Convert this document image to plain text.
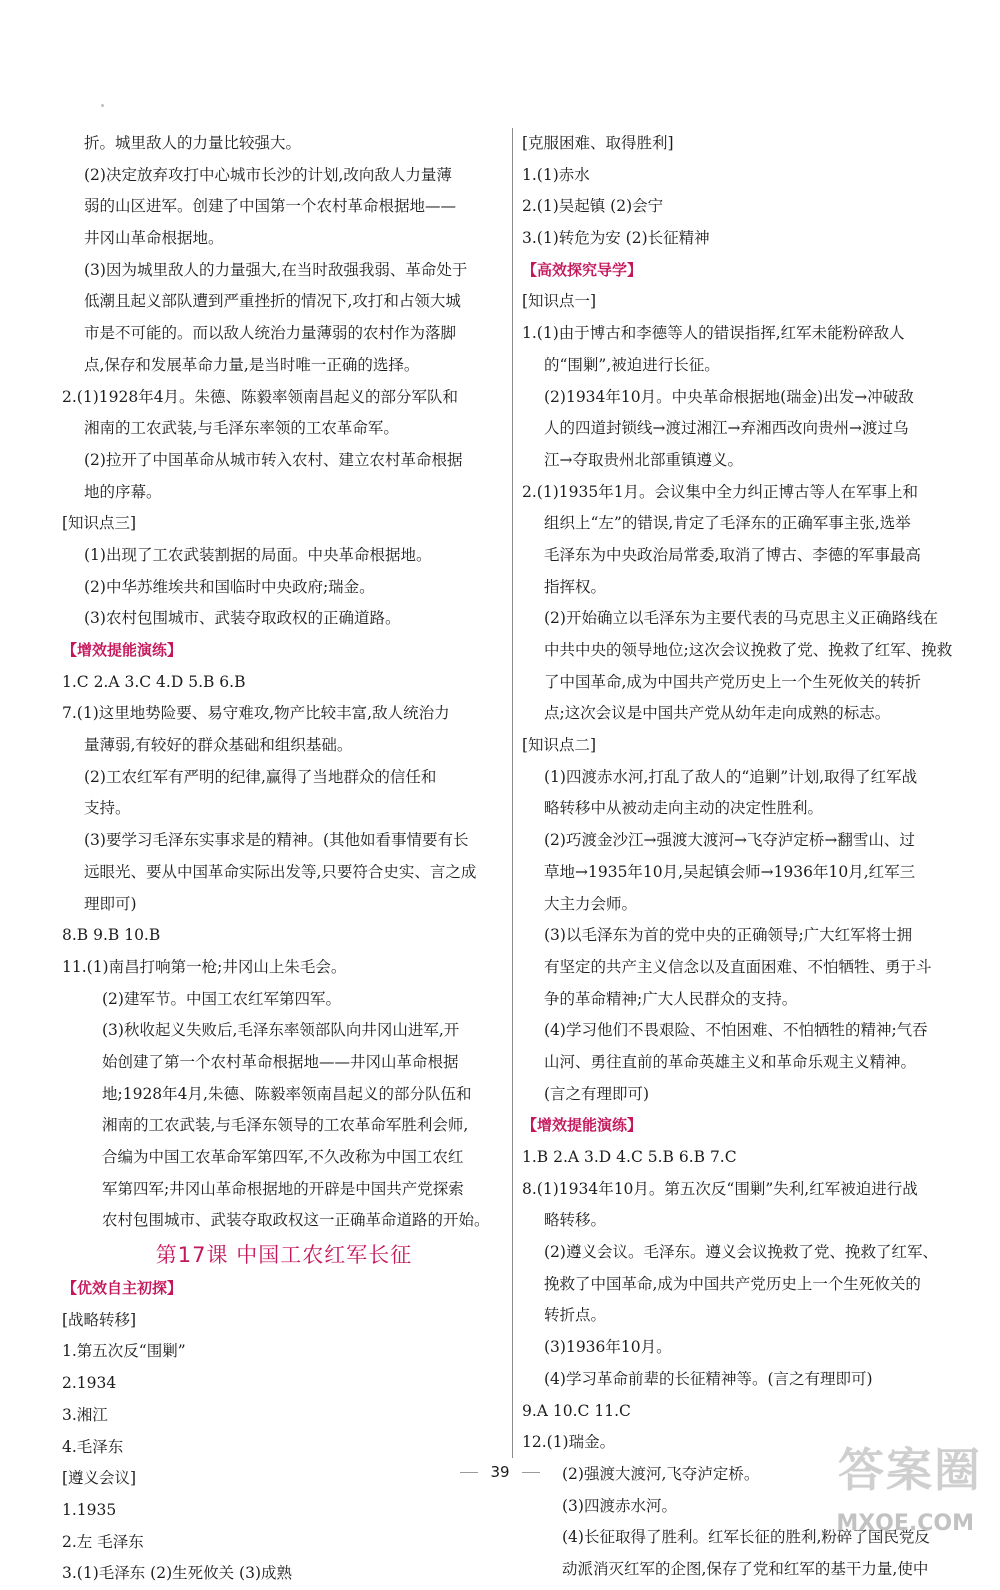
折。城里敌人的力量比较强大。
(2)决定放弃攻打中心城市长沙的计划,改向敌人力量薄
弱的山区进军。创建了中国第一个农村革命根据地——
井冈山革命根据地。
(3)因为城里敌人的力量强大,在当时敌强我弱、革命处于
低潮且起义部队遭到严重挫折的情况下,攻打和占领大城
市是不可能的。而以敌人统治力量薄弱的农村作为落脚
点,保存和发展革命力量,是当时唯一正确的选择。
2.(1)1928年4月。朱德、陈毅率领南昌起义的部分军队和
湘南的工农武装,与毛泽东率领的工农革命军。
(2)拉开了中国革命从城市转入农村、建立农村革命根据
地的序幕。
[知识点三]
(1)出现了工农武装割据的局面。中央革命根据地。
(2)中华苏维埃共和国临时中央政府;瑞金。
(3)农村包围城市、武装夺取政权的正确道路。
【增效提能演练】
1.C 2.A 3.C 4.D 5.B 6.B
7.(1)这里地势险要、易守难攻,物产比较丰富,敌人统治力
量薄弱,有较好的群众基础和组织基础。
(2)工农红军有严明的纪律,赢得了当地群众的信任和
支持。
(3)要学习毛泽东实事求是的精神。(其他如看事情要有长
远眼光、要从中国革命实际出发等,只要符合史实、言之成
理即可)
8.B 9.B 10.B
11.(1)南昌打响第一枪;井冈山上朱毛会。
(2)建军节。中国工农红军第四军。
(3)秋收起义失败后,毛泽东率领部队向井冈山进军,开
始创建了第一个农村革命根据地——井冈山革命根据
地;1928年4月,朱德、陈毅率领南昌起义的部分队伍和
湘南的工农武装,与毛泽东领导的工农革命军胜利会师,
合编为中国工农革命军第四军,不久改称为中国工农红
军第四军;井冈山革命根据地的开辟是中国共产党探索
农村包围城市、武装夺取政权这一正确革命道路的开始。
第17课 中国工农红军长征
【优效自主初探】
[战略转移]
1.第五次反“围剿”
2.1934
3.湘江
4.毛泽东
[遵义会议]
1.1935
2.左 毛泽东
3.(1)毛泽东 (2)生死攸关 (3)成熟
[克服困难、取得胜利]
1.(1)赤水
2.(1)吴起镇 (2)会宁
3.(1)转危为安 (2)长征精神
【高效探究导学】
[知识点一]
1.(1)由于博古和李德等人的错误指挥,红军未能粉碎敌人
的“围剿”,被迫进行长征。
(2)1934年10月。中央革命根据地(瑞金)出发→冲破敌
人的四道封锁线→渡过湘江→弃湘西改向贵州→渡过乌
江→夺取贵州北部重镇遵义。
2.(1)1935年1月。会议集中全力纠正博古等人在军事上和
组织上“左”的错误,肯定了毛泽东的正确军事主张,选举
毛泽东为中央政治局常委,取消了博古、李德的军事最高
指挥权。
(2)开始确立以毛泽东为主要代表的马克思主义正确路线在
中共中央的领导地位;这次会议挽救了党、挽救了红军、挽救
了中国革命,成为中国共产党历史上一个生死攸关的转折
点;这次会议是中国共产党从幼年走向成熟的标志。
[知识点二]
(1)四渡赤水河,打乱了敌人的“追剿”计划,取得了红军战
略转移中从被动走向主动的决定性胜利。
(2)巧渡金沙江→强渡大渡河→飞夺泸定桥→翻雪山、过
草地→1935年10月,吴起镇会师→1936年10月,红军三
大主力会师。
(3)以毛泽东为首的党中央的正确领导;广大红军将士拥
有坚定的共产主义信念以及直面困难、不怕牺牲、勇于斗
争的革命精神;广大人民群众的支持。
(4)学习他们不畏艰险、不怕困难、不怕牺牲的精神;气吞
山河、勇往直前的革命英雄主义和革命乐观主义精神。
(言之有理即可)
【增效提能演练】
1.B 2.A 3.D 4.C 5.B 6.B 7.C
8.(1)1934年10月。第五次反“围剿”失利,红军被迫进行战
略转移。
(2)遵义会议。毛泽东。遵义会议挽救了党、挽救了红军、
挽救了中国革命,成为中国共产党历史上一个生死攸关的
转折点。
(3)1936年10月。
(4)学习革命前辈的长征精神等。(言之有理即可)
9.A 10.C 11.C
12.(1)瑞金。
(2)强渡大渡河,飞夺泸定桥。
(3)四渡赤水河。
(4)长征取得了胜利。红军长征的胜利,粉碎了国民党反
动派消灭红军的企图,保存了党和红军的基干力量,使中
39	答案圈
MXQE.COM
